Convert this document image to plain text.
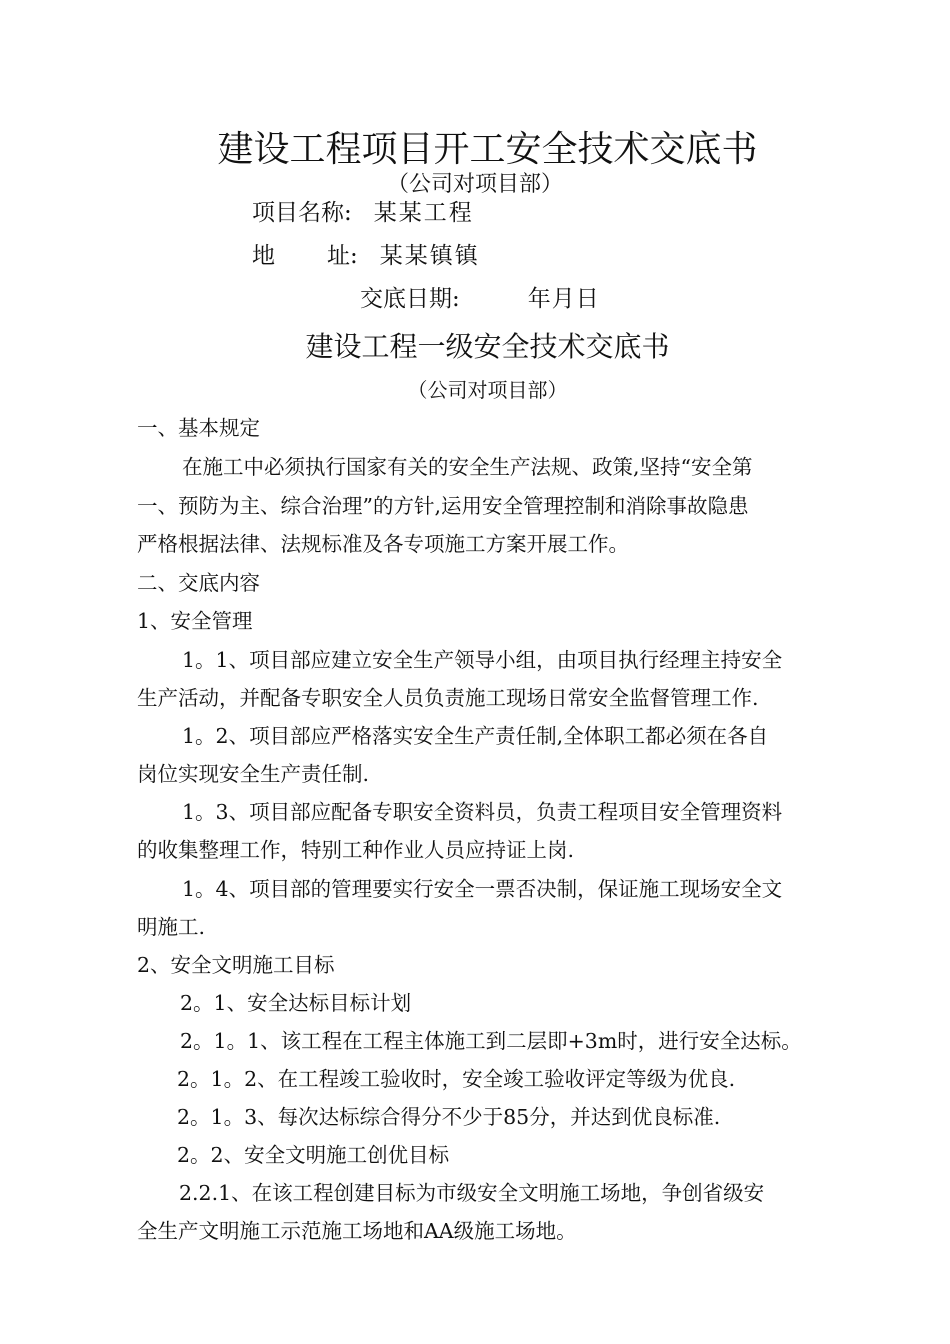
建设工程项目开工安全技术交底书
（公司对项目部）
项目名称: 某某工程
地 址: 某某镇镇
交底日期:	年月日
建设工程一级安全技术交底书
（公司对项目部）
一、基本规定
在施工中必须执行国家有关的安全生产法规、政策,坚持“安全第
一、预防为主、综合治理”的方针,运用安全管理控制和消除事故隐患
严格根据法律、法规标准及各专项施工方案开展工作。
二、交底内容
1、安全管理
1。1、项目部应建立安全生产领导小组，由项目执行经理主持安全
生产活动，并配备专职安全人员负责施工现场日常安全监督管理工作.
1。2、项目部应严格落实安全生产责任制,全体职工都必须在各自
岗位实现安全生产责任制.
1。3、项目部应配备专职安全资料员，负责工程项目安全管理资料
的收集整理工作，特别工种作业人员应持证上岗.
1。4、项目部的管理要实行安全一票否决制，保证施工现场安全文
明施工.
2、安全文明施工目标
2。1、安全达标目标计划
2。1。1、该工程在工程主体施工到二层即+3m时，进行安全达标。
2。1。2、在工程竣工验收时，安全竣工验收评定等级为优良.
2。1。3、每次达标综合得分不少于85分，并达到优良标准.
2。2、安全文明施工创优目标
2.2.1、在该工程创建目标为市级安全文明施工场地，争创省级安
全生产文明施工示范施工场地和AA级施工场地。
